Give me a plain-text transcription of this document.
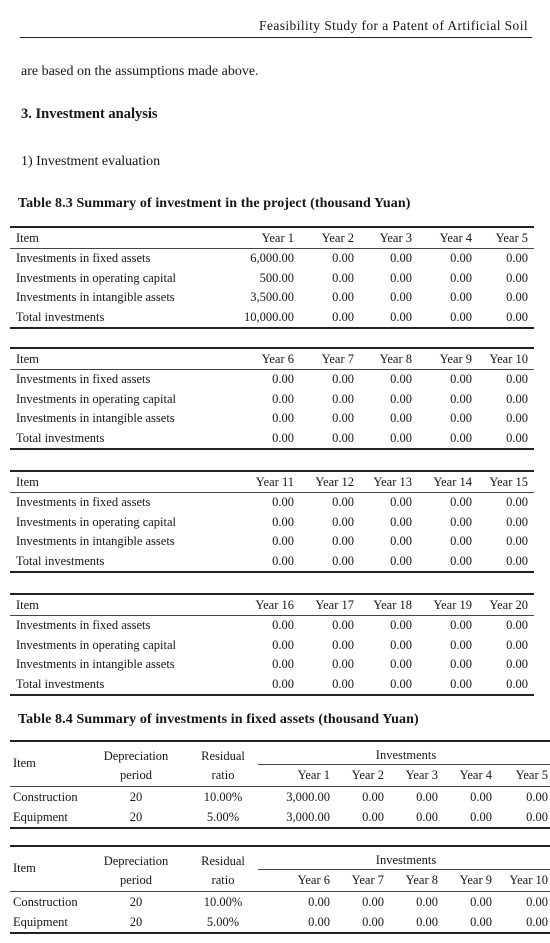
Feasibility Study for a Patent of Artificial Soil
are based on the assumptions made above.
3. Investment analysis
1) Investment evaluation
Table 8.3 Summary of investment in the project (thousand Yuan)
Item	Year 1	Year 2	Year 3	Year 4	Year 5
Investments in fixed assets	6,000.00	0.00	0.00	0.00	0.00
Investments in operating capital	500.00	0.00	0.00	0.00	0.00
Investments in intangible assets	3,500.00	0.00	0.00	0.00	0.00
Total investments	10,000.00	0.00	0.00	0.00	0.00
Item	Year 6	Year 7	Year 8	Year 9	Year 10
Investments in fixed assets	0.00	0.00	0.00	0.00	0.00
Investments in operating capital	0.00	0.00	0.00	0.00	0.00
Investments in intangible assets	0.00	0.00	0.00	0.00	0.00
Total investments	0.00	0.00	0.00	0.00	0.00
Item	Year 11	Year 12	Year 13	Year 14	Year 15
Investments in fixed assets	0.00	0.00	0.00	0.00	0.00
Investments in operating capital	0.00	0.00	0.00	0.00	0.00
Investments in intangible assets	0.00	0.00	0.00	0.00	0.00
Total investments	0.00	0.00	0.00	0.00	0.00
Item	Year 16	Year 17	Year 18	Year 19	Year 20
Investments in fixed assets	0.00	0.00	0.00	0.00	0.00
Investments in operating capital	0.00	0.00	0.00	0.00	0.00
Investments in intangible assets	0.00	0.00	0.00	0.00	0.00
Total investments	0.00	0.00	0.00	0.00	0.00
Table 8.4 Summary of investments in fixed assets (thousand Yuan)
Item	Depreciation	Residual	Investments				
	period	ratio	Year 1	Year 2	Year 3	Year 4	Year 5
Construction	20	10.00%	3,000.00	0.00	0.00	0.00	0.00
Equipment	20	5.00%	3,000.00	0.00	0.00	0.00	0.00
Item	Depreciation	Residual	Investments				
	period	ratio	Year 6	Year 7	Year 8	Year 9	Year 10
Construction	20	10.00%	0.00	0.00	0.00	0.00	0.00
Equipment	20	5.00%	0.00	0.00	0.00	0.00	0.00
